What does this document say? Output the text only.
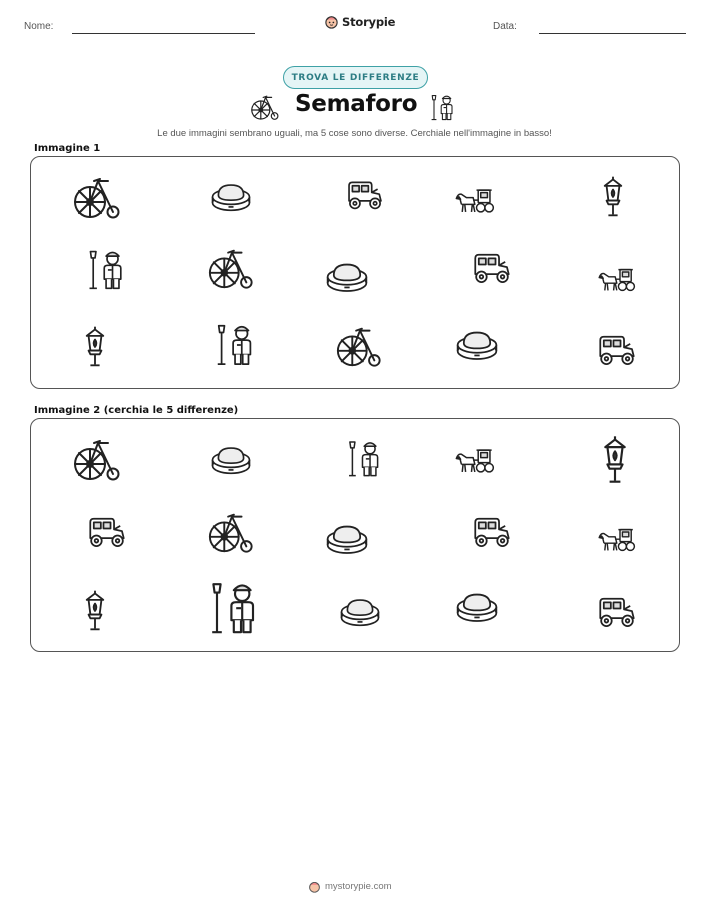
Nome:	Data:
Storypie
TROVA LE DIFFERENZE
Semaforo
Le due immagini sembrano uguali, ma 5 cose sono diverse. Cerchiale nell'immagine in basso!
Immagine 1
Immagine 2 (cerchia le 5 differenze)
mystorypie.com
